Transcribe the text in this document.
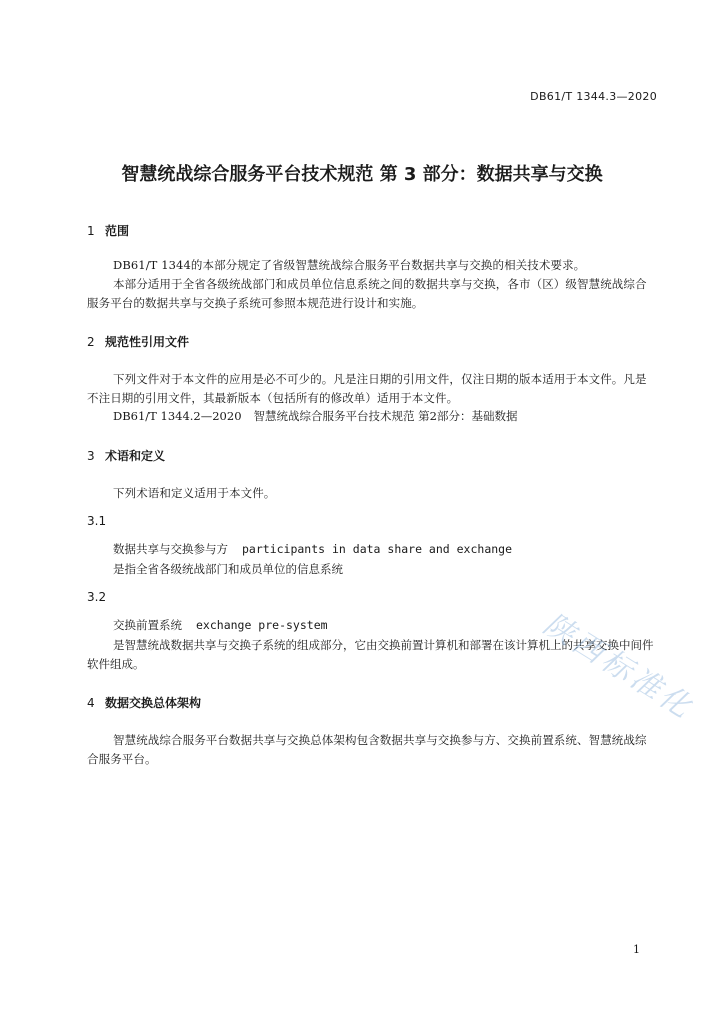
DB61/T 1344.3—2020
智慧统战综合服务平台技术规范 第 3 部分：数据共享与交换
1 范围
DB61/T 1344的本部分规定了省级智慧统战综合服务平台数据共享与交换的相关技术要求。
本部分适用于全省各级统战部门和成员单位信息系统之间的数据共享与交换，各市（区）级智慧统战综合服务平台的数据共享与交换子系统可参照本规范进行设计和实施。
2 规范性引用文件
下列文件对于本文件的应用是必不可少的。凡是注日期的引用文件，仅注日期的版本适用于本文件。凡是不注日期的引用文件，其最新版本（包括所有的修改单）适用于本文件。
DB61/T 1344.2—2020 智慧统战综合服务平台技术规范 第2部分：基础数据
3 术语和定义
下列术语和定义适用于本文件。
3.1
数据共享与交换参与方 participants in data share and exchange
是指全省各级统战部门和成员单位的信息系统
3.2
交换前置系统 exchange pre-system
是智慧统战数据共享与交换子系统的组成部分，它由交换前置计算机和部署在该计算机上的共享交换中间件软件组成。
4 数据交换总体架构
智慧统战综合服务平台数据共享与交换总体架构包含数据共享与交换参与方、交换前置系统、智慧统战综合服务平台。
陕西标准化
1
